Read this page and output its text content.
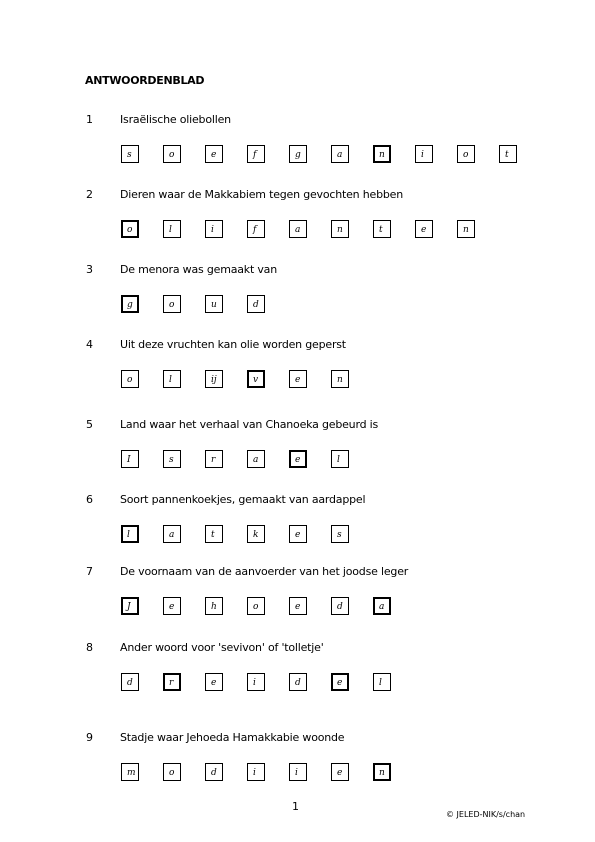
ANTWOORDENBLAD
1 Israëlische oliebollen
s	o	e	f	g	a	n	i	o	t
2 Dieren waar de Makkabiem tegen gevochten hebben
o	l	i	f	a	n	t	e	n
3 De menora was gemaakt van
g	o	u	d
4 Uit deze vruchten kan olie worden geperst
o	l	ij	v	e	n
5 Land waar het verhaal van Chanoeka gebeurd is
I	s	r	a	e	l
6 Soort pannenkoekjes, gemaakt van aardappel
l	a	t	k	e	s
7 De voornaam van de aanvoerder van het joodse leger
J	e	h	o	e	d	a
8 Ander woord voor 'sevivon' of 'tolletje'
d	r	e	i	d	e	l
9 Stadje waar Jehoeda Hamakkabie woonde
m	o	d	i	i	e	n
1
© JELED-NIK/s/chan
